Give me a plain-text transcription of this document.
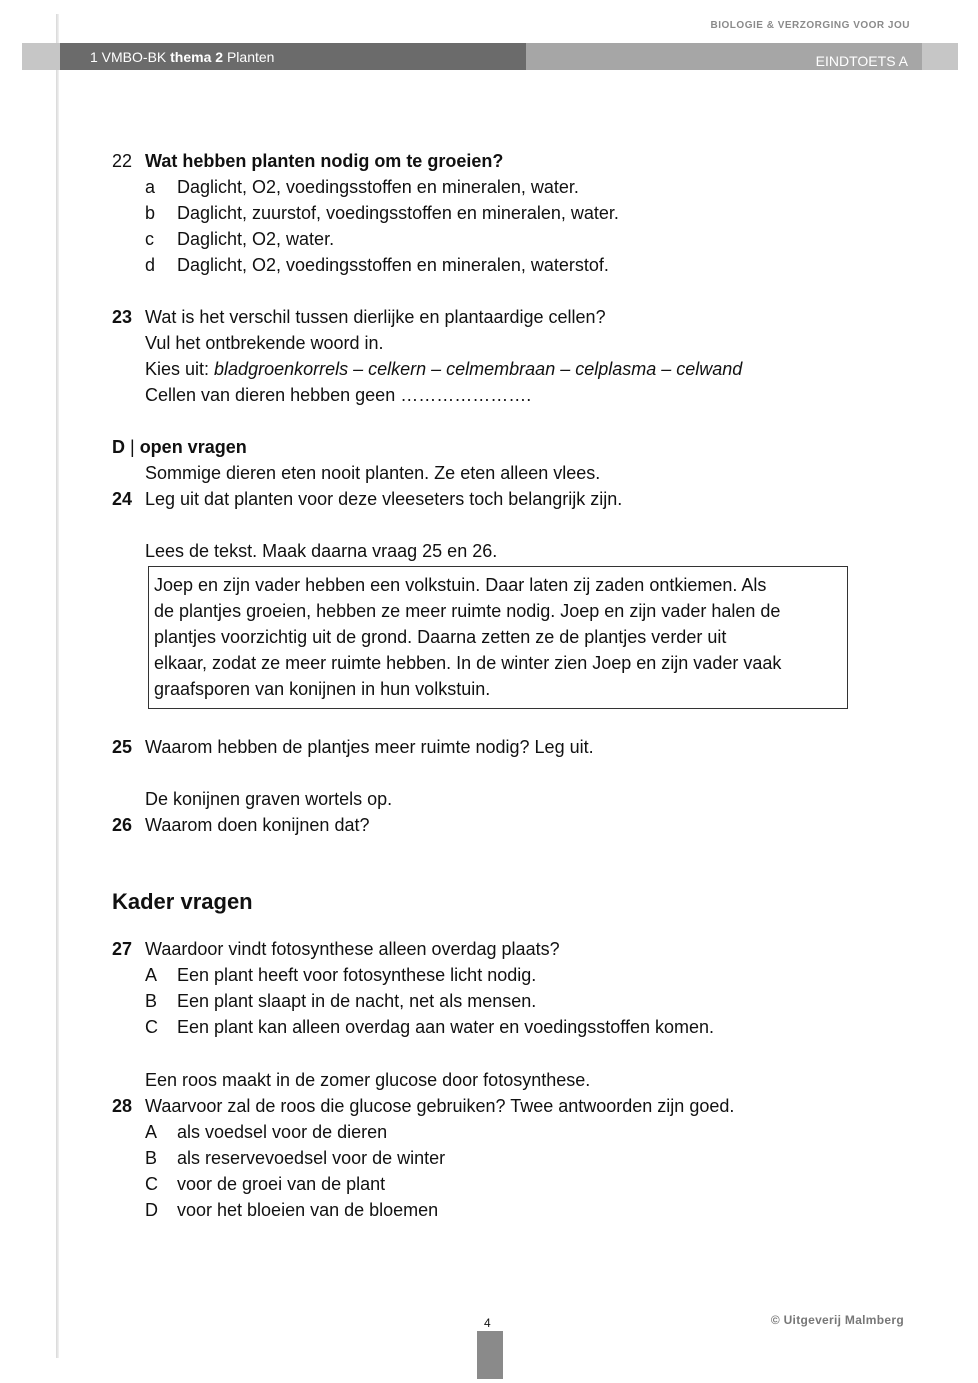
BIOLOGIE & VERZORGING VOOR JOU
1 VMBO-BK thema 2 Planten	EINDTOETS A
22 Wat hebben planten nodig om te groeien?
a Daglicht, O2, voedingsstoffen en mineralen, water.
b Daglicht, zuurstof, voedingsstoffen en mineralen, water.
c Daglicht, O2, water.
d Daglicht, O2, voedingsstoffen en mineralen, waterstof.
23 Wat is het verschil tussen dierlijke en plantaardige cellen?
Vul het ontbrekende woord in.
Kies uit: bladgroenkorrels – celkern – celmembraan – celplasma – celwand
Cellen van dieren hebben geen ………………….
D | open vragen
Sommige dieren eten nooit planten. Ze eten alleen vlees.
24 Leg uit dat planten voor deze vleeseters toch belangrijk zijn.
Lees de tekst. Maak daarna vraag 25 en 26.
Joep en zijn vader hebben een volkstuin. Daar laten zij zaden ontkiemen. Als
de plantjes groeien, hebben ze meer ruimte nodig. Joep en zijn vader halen de
plantjes voorzichtig uit de grond. Daarna zetten ze de plantjes verder uit
elkaar, zodat ze meer ruimte hebben. In de winter zien Joep en zijn vader vaak
graafsporen van konijnen in hun volkstuin.
25 Waarom hebben de plantjes meer ruimte nodig? Leg uit.
De konijnen graven wortels op.
26 Waarom doen konijnen dat?
Kader vragen
27 Waardoor vindt fotosynthese alleen overdag plaats?
A Een plant heeft voor fotosynthese licht nodig.
B Een plant slaapt in de nacht, net als mensen.
C Een plant kan alleen overdag aan water en voedingsstoffen komen.
Een roos maakt in de zomer glucose door fotosynthese.
28 Waarvoor zal de roos die glucose gebruiken? Twee antwoorden zijn goed.
A als voedsel voor de dieren
B als reservevoedsel voor de winter
C voor de groei van de plant
D voor het bloeien van de bloemen
4	© Uitgeverij Malmberg
